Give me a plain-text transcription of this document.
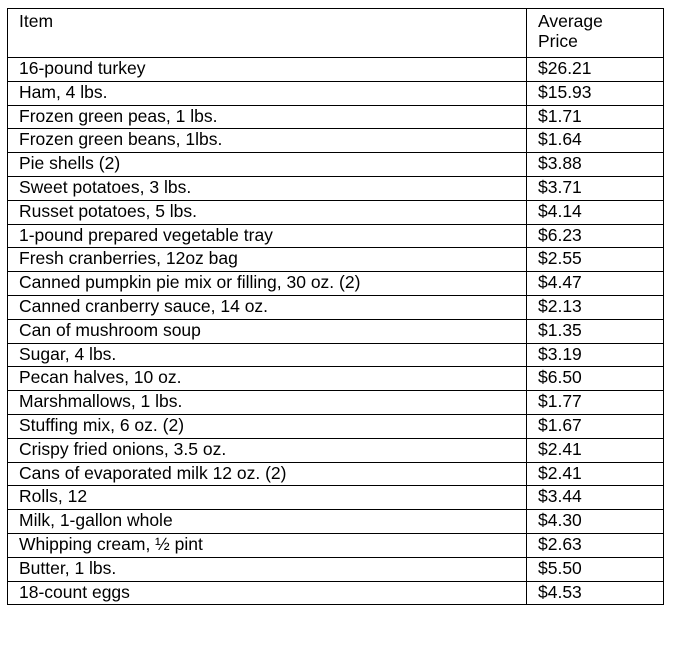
Item	Average
Price

16-pound turkey	$26.21
Ham, 4 lbs.	$15.93
Frozen green peas, 1 lbs.	$1.71
Frozen green beans, 1lbs.	$1.64
Pie shells (2)	$3.88
Sweet potatoes, 3 lbs.	$3.71
Russet potatoes, 5 lbs.	$4.14
1-pound prepared vegetable tray	$6.23
Fresh cranberries, 12oz bag	$2.55
Canned pumpkin pie mix or filling, 30 oz. (2)	$4.47
Canned cranberry sauce, 14 oz.	$2.13
Can of mushroom soup	$1.35
Sugar, 4 lbs.	$3.19
Pecan halves, 10 oz.	$6.50
Marshmallows, 1 lbs.	$1.77
Stuffing mix, 6 oz. (2)	$1.67
Crispy fried onions, 3.5 oz.	$2.41
Cans of evaporated milk 12 oz. (2)	$2.41
Rolls, 12	$3.44
Milk, 1-gallon whole	$4.30
Whipping cream, ½ pint	$2.63
Butter, 1 lbs.	$5.50
18-count eggs	$4.53
